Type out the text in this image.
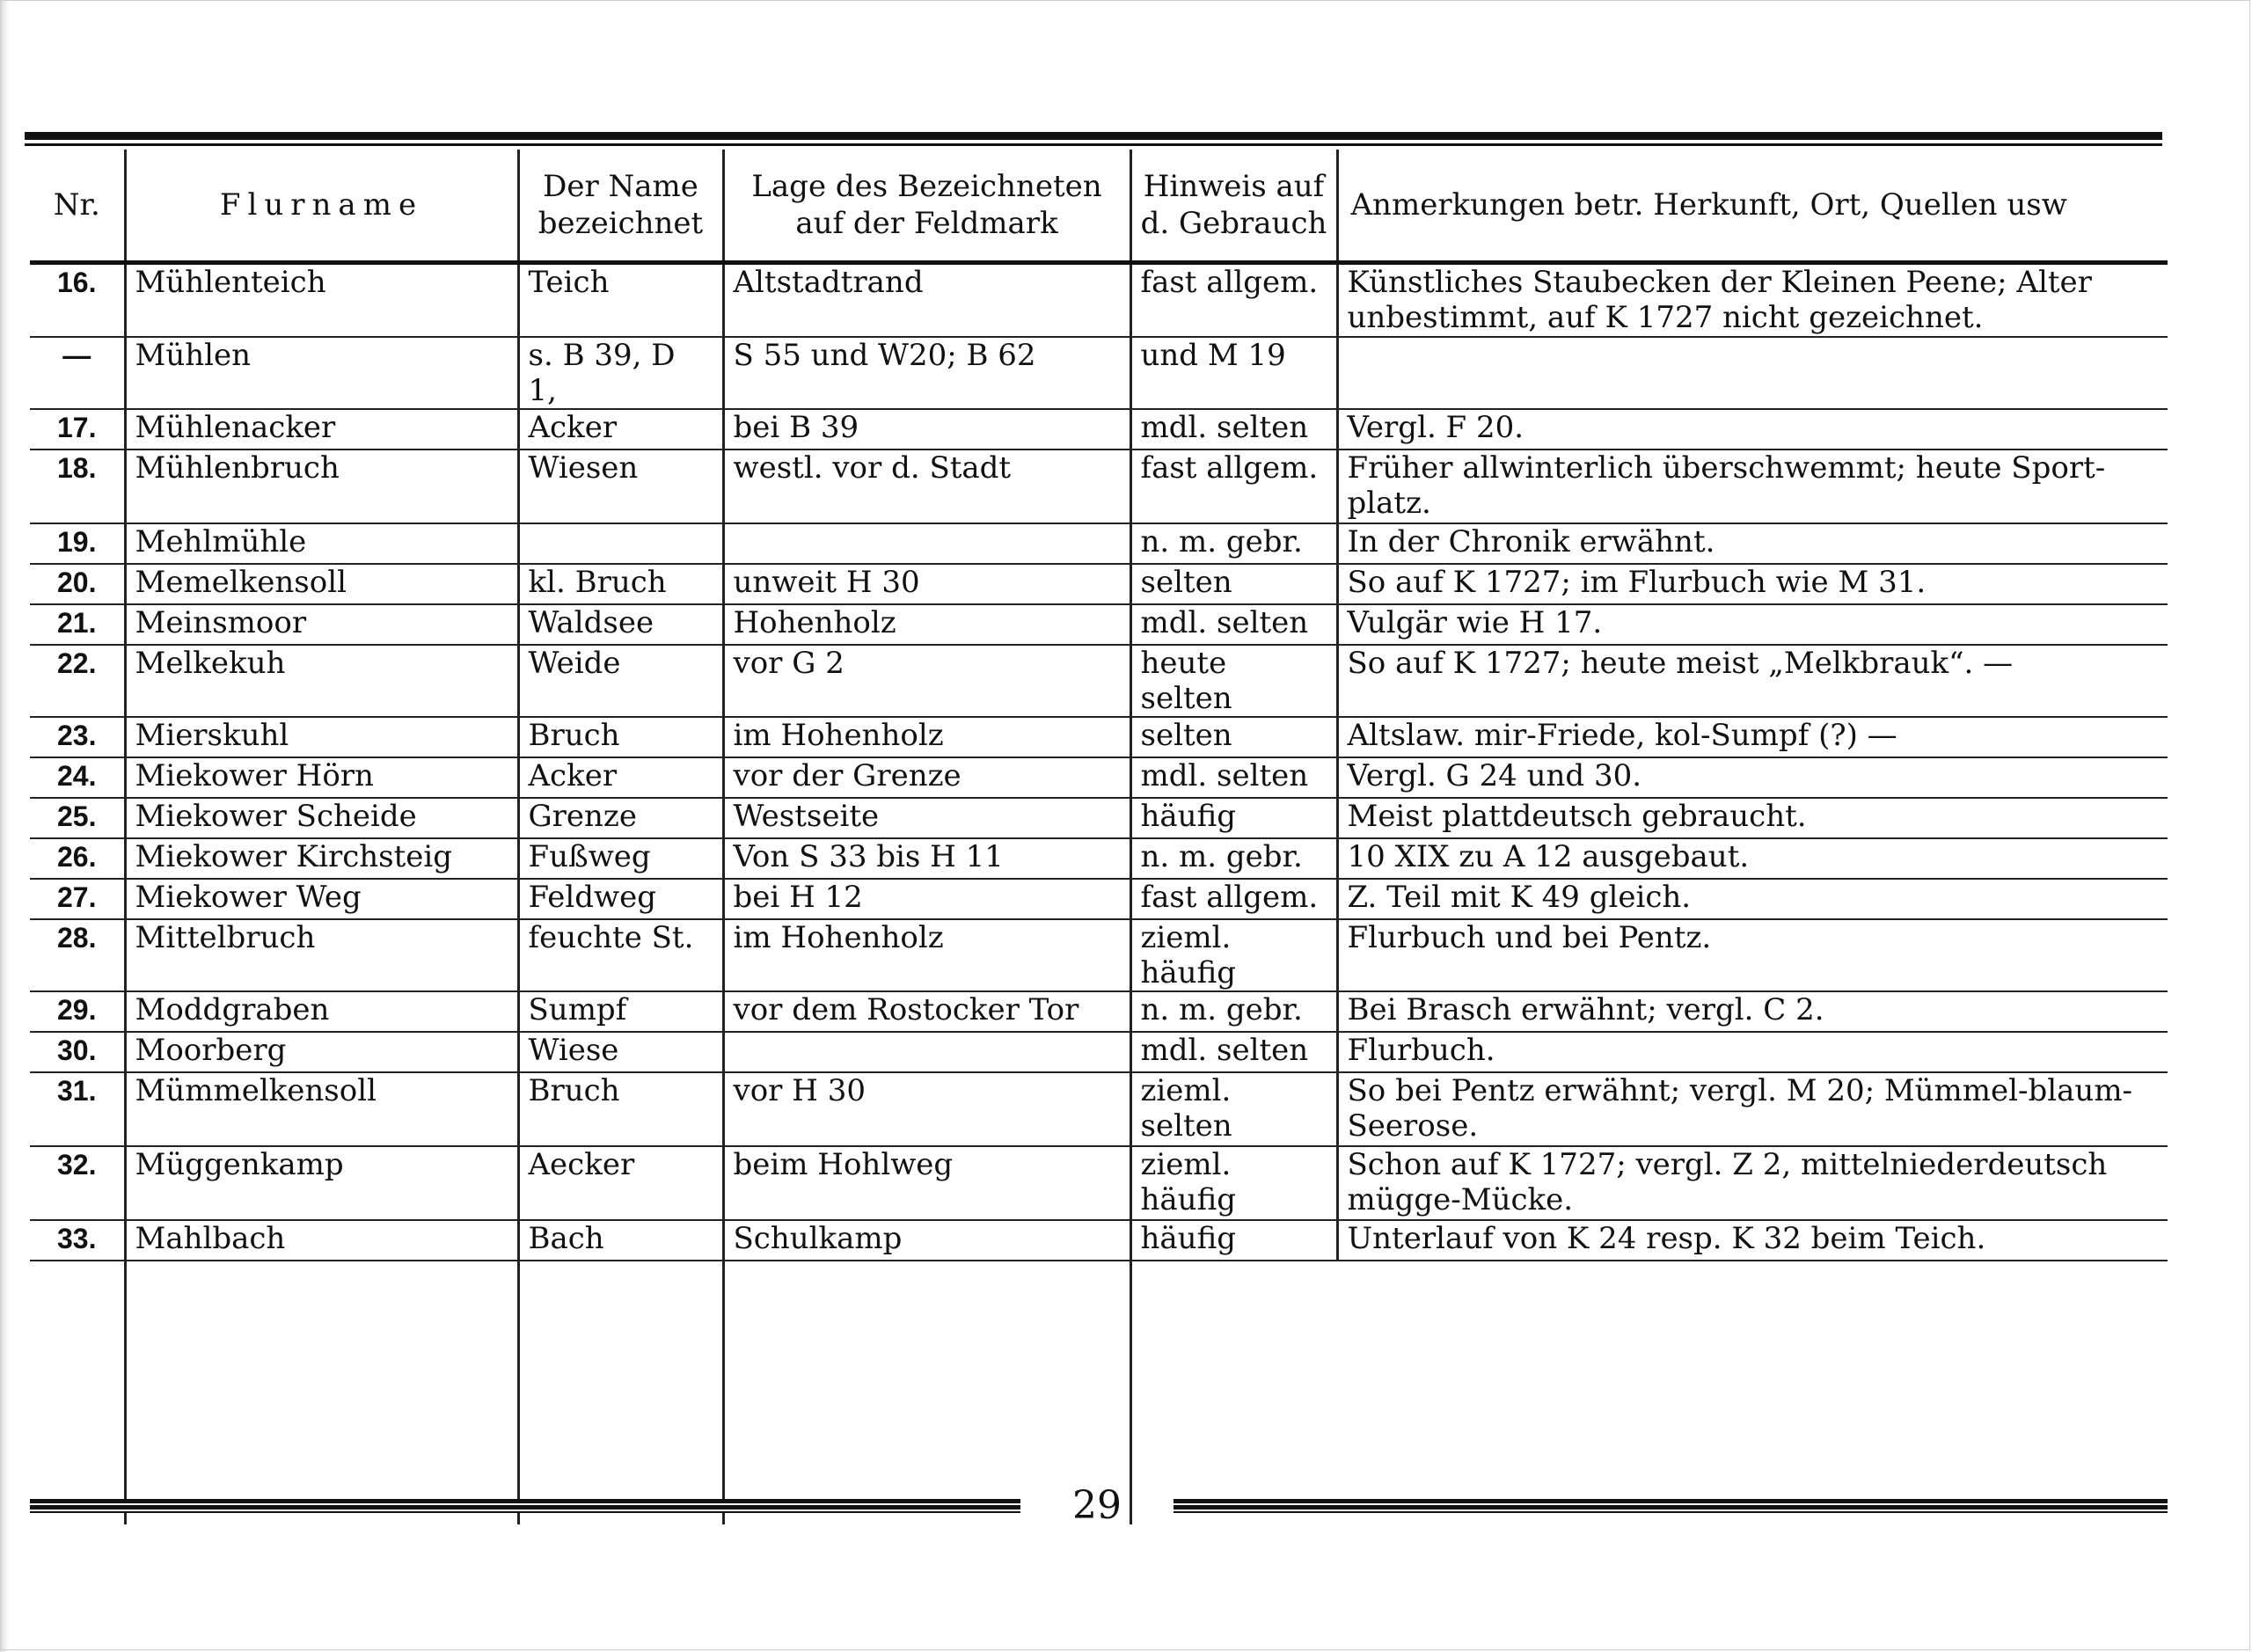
Nr.	Flurname	Der Name bezeichnet	Lage des Bezeichneten auf der Feldmark	Hinweis auf d. Gebrauch	Anmerkungen betr. Herkunft, Ort, Quellen usw
16.	Mühlenteich	Teich	Altstadtrand	fast allgem.	Künstliches Staubecken der Kleinen Peene; Alter unbestimmt, auf K 1727 nicht gezeichnet.
—	Mühlen	s. B 39, D 1,	S 55 und W20; B 62	und M 19	
17.	Mühlenacker	Acker	bei B 39	mdl. selten	Vergl. F 20.
18.	Mühlenbruch	Wiesen	westl. vor d. Stadt	fast allgem.	Früher allwinterlich überschwemmt; heute Sport-platz.
19.	Mehlmühle			n. m. gebr.	In der Chronik erwähnt.
20.	Memelkensoll	kl. Bruch	unweit H 30	selten	So auf K 1727; im Flurbuch wie M 31.
21.	Meinsmoor	Waldsee	Hohenholz	mdl. selten	Vulgär wie H 17.
22.	Melkekuh	Weide	vor G 2	heute selten	So auf K 1727; heute meist „Melkbrauk“. —
23.	Mierskuhl	Bruch	im Hohenholz	selten	Altslaw. mir-Friede, kol-Sumpf (?) —
24.	Miekower Hörn	Acker	vor der Grenze	mdl. selten	Vergl. G 24 und 30.
25.	Miekower Scheide	Grenze	Westseite	häufig	Meist plattdeutsch gebraucht.
26.	Miekower Kirchsteig	Fußweg	Von S 33 bis H 11	n. m. gebr.	10 XIX zu A 12 ausgebaut.
27.	Miekower Weg	Feldweg	bei H 12	fast allgem.	Z. Teil mit K 49 gleich.
28.	Mittelbruch	feuchte St.	im Hohenholz	zieml. häufig	Flurbuch und bei Pentz.
29.	Moddgraben	Sumpf	vor dem Rostocker Tor	n. m. gebr.	Bei Brasch erwähnt; vergl. C 2.
30.	Moorberg	Wiese		mdl. selten	Flurbuch.
31.	Mümmelkensoll	Bruch	vor H 30	zieml. selten	So bei Pentz erwähnt; vergl. M 20; Mümmel-blaum-Seerose.
32.	Müggenkamp	Aecker	beim Hohlweg	zieml. häufig	Schon auf K 1727; vergl. Z 2, mittelniederdeutsch mügge-Mücke.
33.	Mahlbach	Bach	Schulkamp	häufig	Unterlauf von K 24 resp. K 32 beim Teich.

29
